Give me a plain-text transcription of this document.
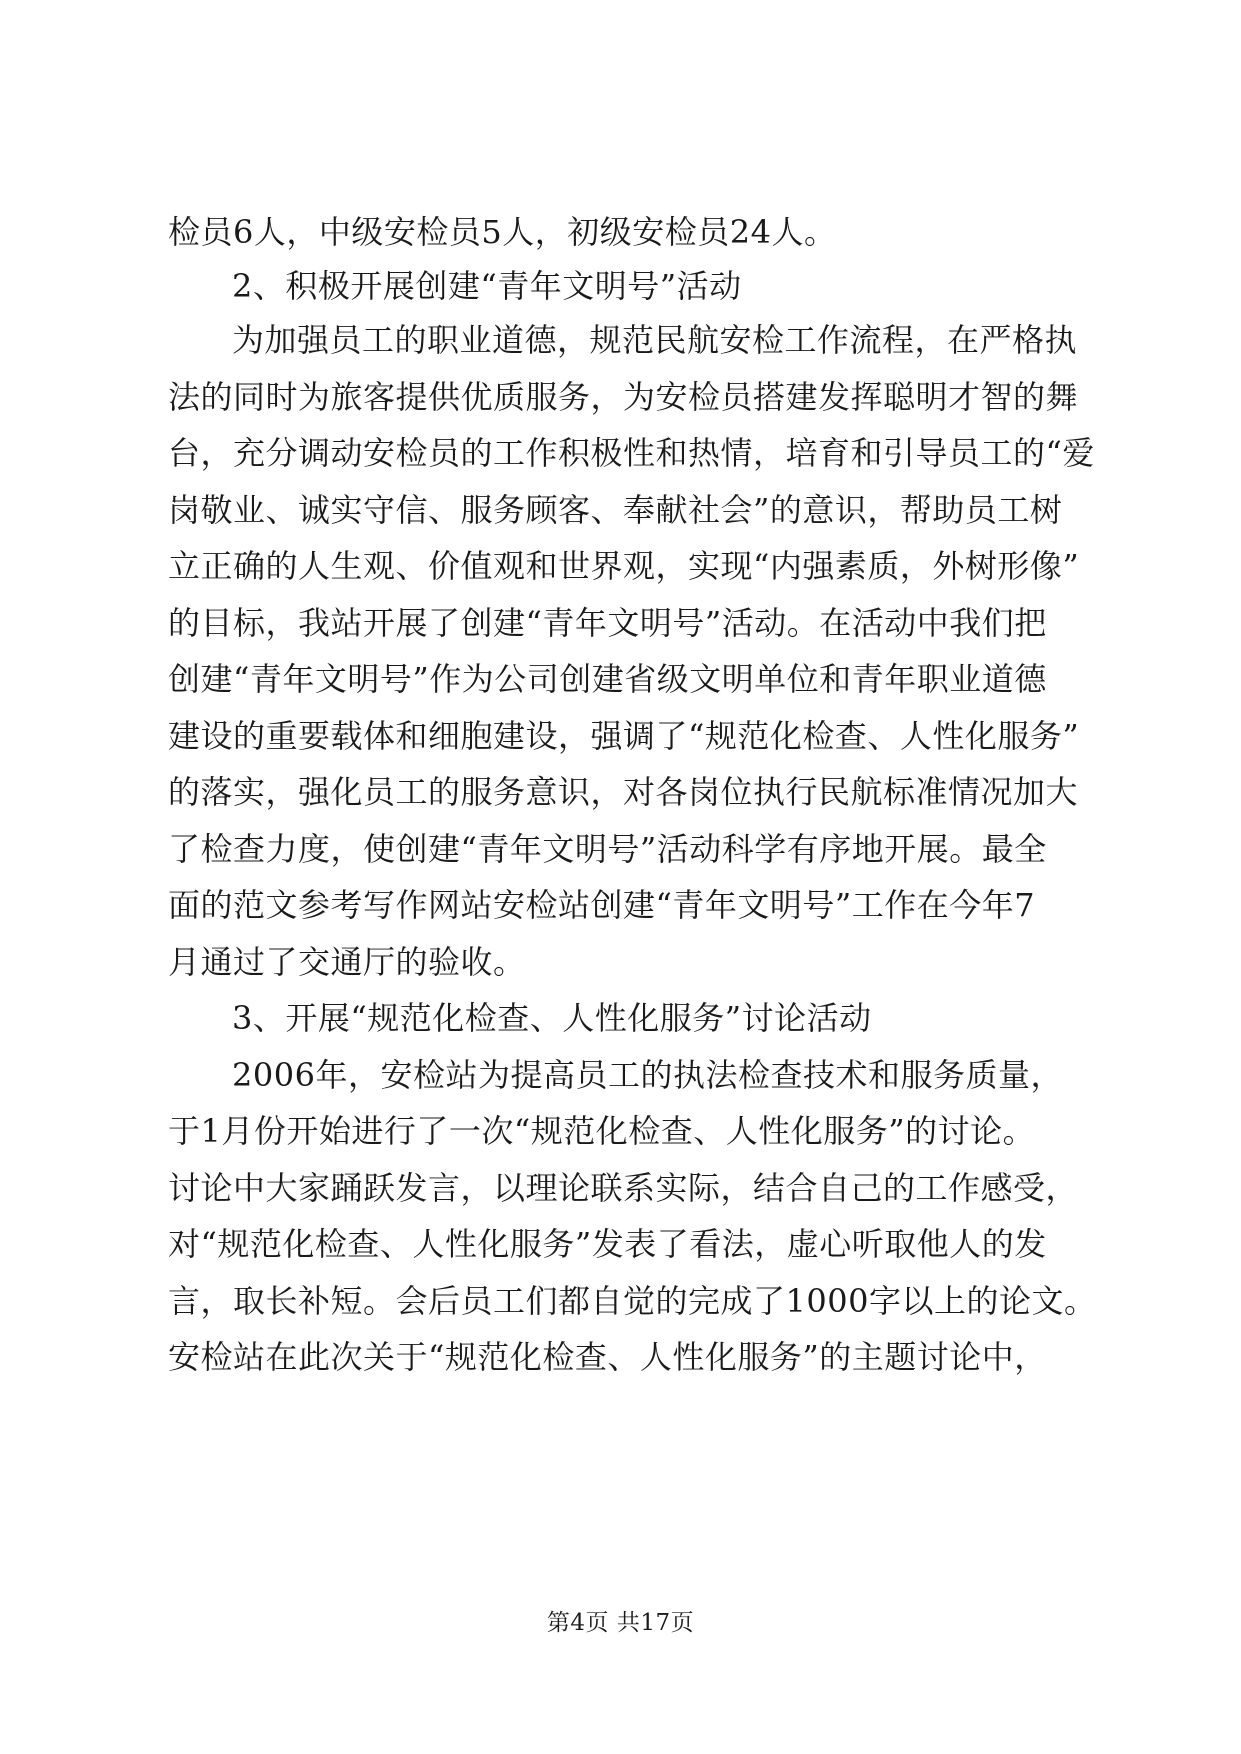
检员6人，中级安检员5人，初级安检员24人。
2、积极开展创建“青年文明号”活动
为加强员工的职业道德，规范民航安检工作流程，在严格执
法的同时为旅客提供优质服务，为安检员搭建发挥聪明才智的舞
台，充分调动安检员的工作积极性和热情，培育和引导员工的“爱
岗敬业、诚实守信、服务顾客、奉献社会”的意识，帮助员工树
立正确的人生观、价值观和世界观，实现“内强素质，外树形像”
的目标，我站开展了创建“青年文明号”活动。在活动中我们把
创建“青年文明号”作为公司创建省级文明单位和青年职业道德
建设的重要载体和细胞建设，强调了“规范化检查、人性化服务”
的落实，强化员工的服务意识，对各岗位执行民航标准情况加大
了检查力度，使创建“青年文明号”活动科学有序地开展。最全
面的范文参考写作网站安检站创建“青年文明号”工作在今年7
月通过了交通厅的验收。
3、开展“规范化检查、人性化服务”讨论活动
2006年，安检站为提高员工的执法检查技术和服务质量，
于1月份开始进行了一次“规范化检查、人性化服务”的讨论。
讨论中大家踊跃发言，以理论联系实际，结合自己的工作感受，
对“规范化检查、人性化服务”发表了看法，虚心听取他人的发
言，取长补短。会后员工们都自觉的完成了1000字以上的论文。
安检站在此次关于“规范化检查、人性化服务”的主题讨论中，
第4页 共17页
